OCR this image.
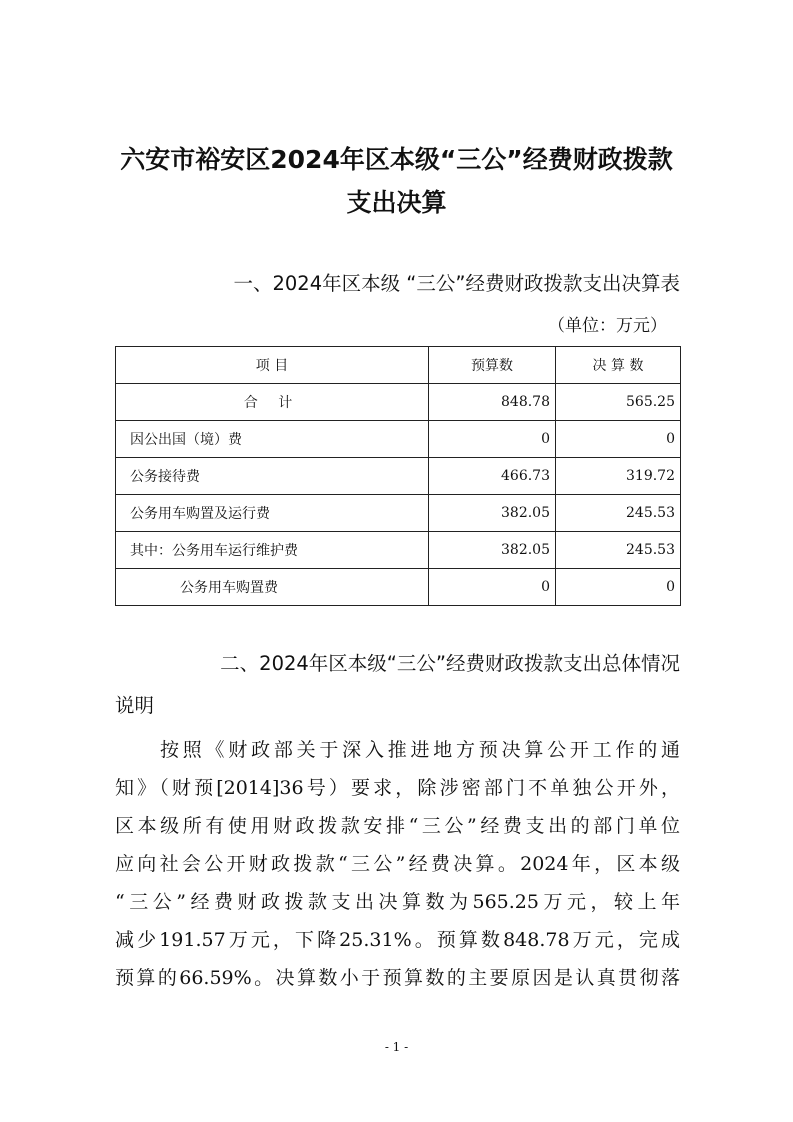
六安市裕安区2024年区本级“三公”经费财政拨款
支出决算
一、2024年区本级 “三公”经费财政拨款支出决算表
（单位：万元）
项 目	预算数	决 算 数
合 计	848.78	565.25
因公出国（境）费	0	0
公务接待费	466.73	319.72
公务用车购置及运行费	382.05	245.53
其中：公务用车运行维护费	382.05	245.53
公务用车购置费	0	0
二、2024年区本级“三公”经费财政拨款支出总体情况
说明
按照《财政部关于深入推进地方预决算公开工作的通
知》（财预[2014]36号）要求，除涉密部门不单独公开外，
区本级所有使用财政拨款安排“三公”经费支出的部门单位
应向社会公开财政拨款“三公”经费决算。2024年，区本级
“三公”经费财政拨款支出决算数为565.25万元，较上年
减少191.57万元，下降25.31%。预算数848.78万元，完成
预算的66.59%。决算数小于预算数的主要原因是认真贯彻落
- 1 -
